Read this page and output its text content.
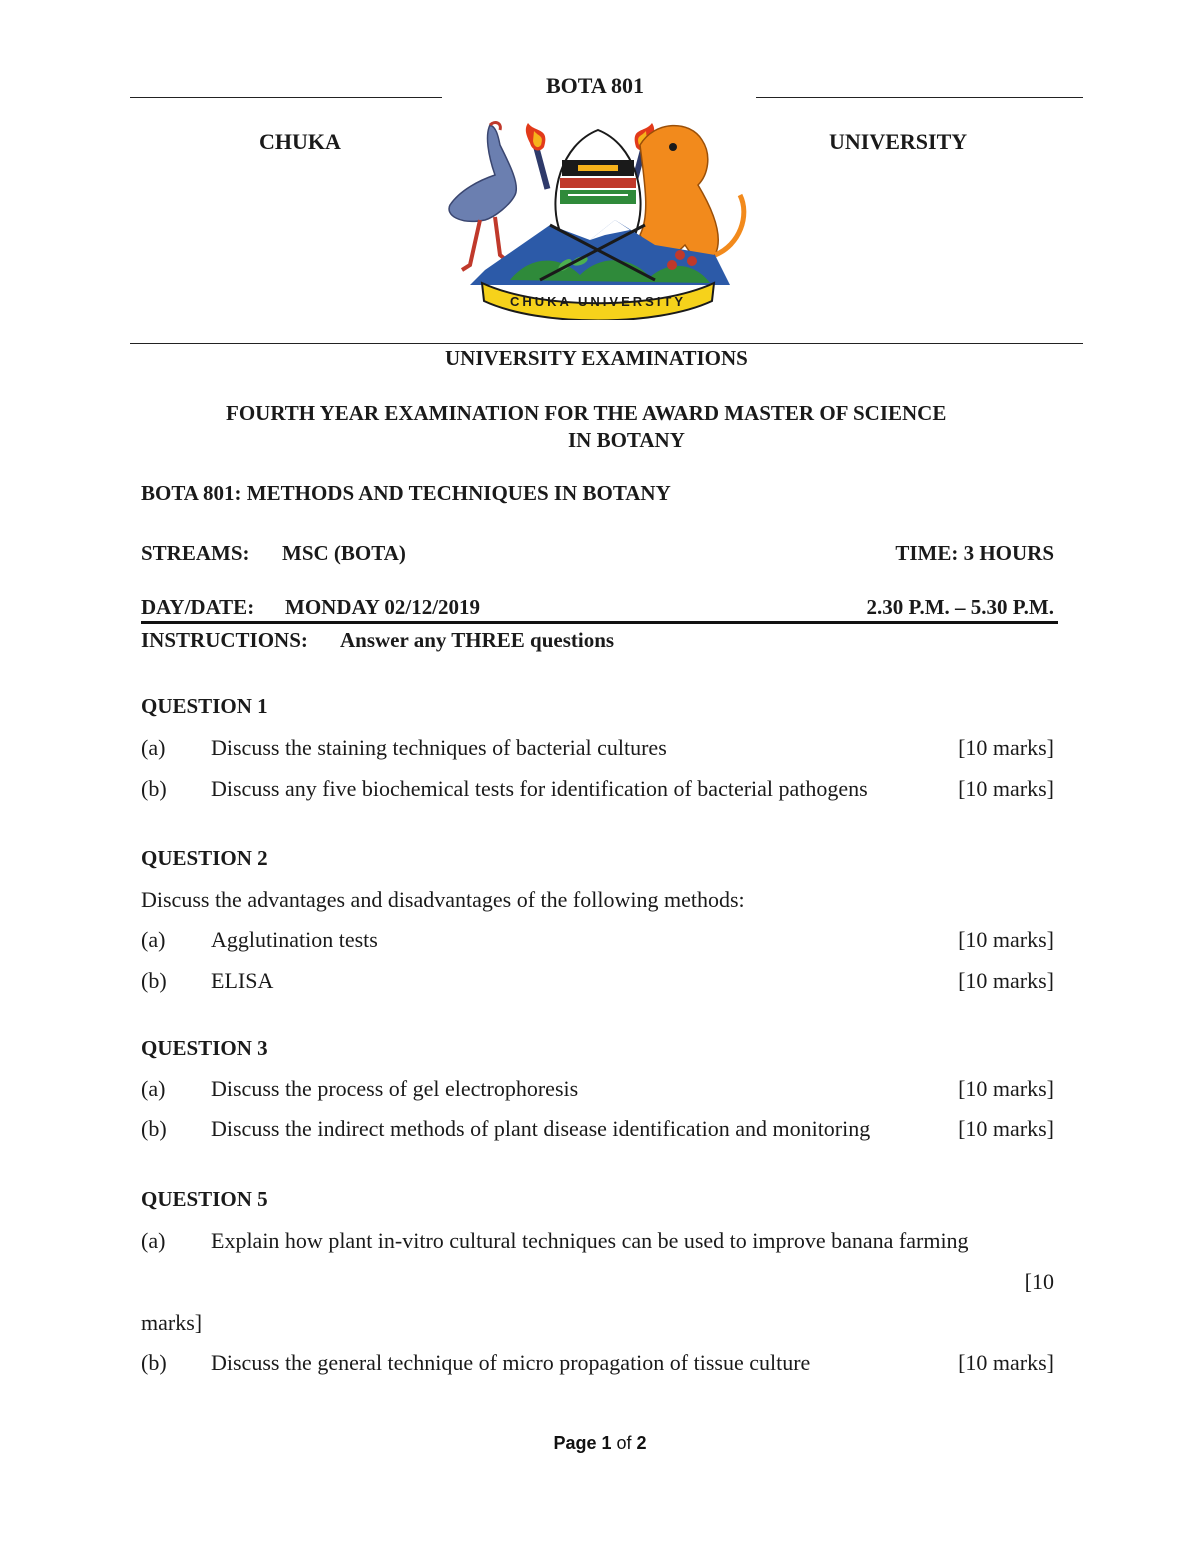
BOTA 801
CHUKA	UNIVERSITY
CHUKA UNIVERSITY
UNIVERSITY EXAMINATIONS
FOURTH YEAR EXAMINATION FOR THE AWARD MASTER OF SCIENCE
IN BOTANY
BOTA 801: METHODS AND TECHNIQUES IN BOTANY
STREAMS: MSC (BOTA)	TIME: 3 HOURS
DAY/DATE: MONDAY 02/12/2019	2.30 P.M. – 5.30 P.M.
INSTRUCTIONS: Answer any THREE questions
QUESTION 1
(a) Discuss the staining techniques of bacterial cultures	[10 marks]
(b) Discuss any five biochemical tests for identification of bacterial pathogens	[10 marks]
QUESTION 2
Discuss the advantages and disadvantages of the following methods:
(a) Agglutination tests	[10 marks]
(b) ELISA	[10 marks]
QUESTION 3
(a) Discuss the process of gel electrophoresis	[10 marks]
(b) Discuss the indirect methods of plant disease identification and monitoring	[10 marks]
QUESTION 5
(a) Explain how plant in-vitro cultural techniques can be used to improve banana farming
[10
marks]
(b) Discuss the general technique of micro propagation of tissue culture	[10 marks]
Page 1 of 2
